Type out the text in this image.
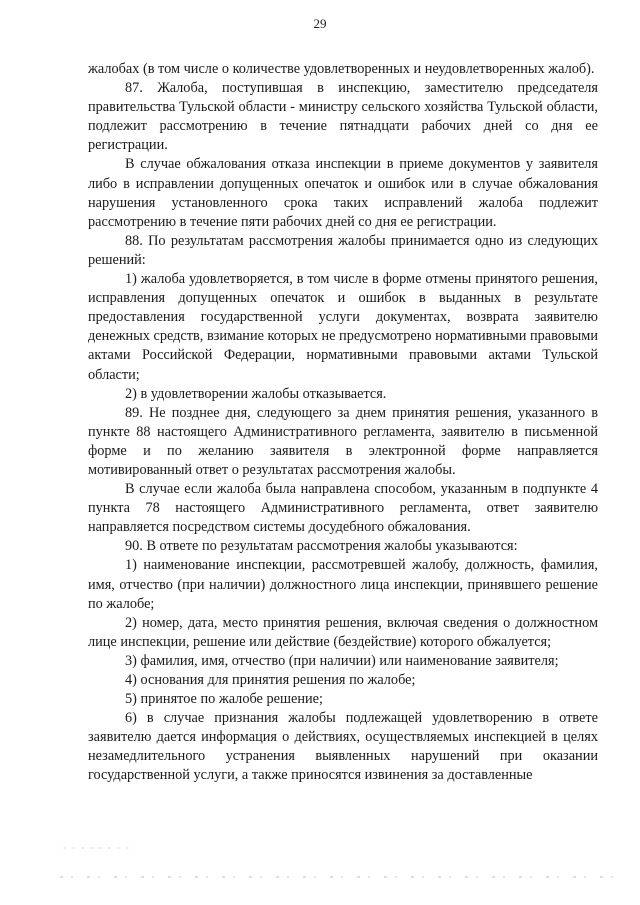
29

жалобах (в том числе о количестве удовлетворенных и неудовлетворенных жалоб).

87. Жалоба, поступившая в инспекцию, заместителю председателя правительства Тульской области - министру сельского хозяйства Тульской области, подлежит рассмотрению в течение пятнадцати рабочих дней со дня ее регистрации.

В случае обжалования отказа инспекции в приеме документов у заявителя либо в исправлении допущенных опечаток и ошибок или в случае обжалования нарушения установленного срока таких исправлений жалоба подлежит рассмотрению в течение пяти рабочих дней со дня ее регистрации.

88. По результатам рассмотрения жалобы принимается одно из следующих решений:

1) жалоба удовлетворяется, в том числе в форме отмены принятого решения, исправления допущенных опечаток и ошибок в выданных в результате предоставления государственной услуги документах, возврата заявителю денежных средств, взимание которых не предусмотрено нормативными правовыми актами Российской Федерации, нормативными правовыми актами Тульской области;

2) в удовлетворении жалобы отказывается.

89. Не позднее дня, следующего за днем принятия решения, указанного в пункте 88 настоящего Административного регламента, заявителю в письменной форме и по желанию заявителя в электронной форме направляется мотивированный ответ о результатах рассмотрения жалобы.

В случае если жалоба была направлена способом, указанным в подпункте 4 пункта 78 настоящего Административного регламента, ответ заявителю направляется посредством системы досудебного обжалования.

90. В ответе по результатам рассмотрения жалобы указываются:

1) наименование инспекции, рассмотревшей жалобу, должность, фамилия, имя, отчество (при наличии) должностного лица инспекции, принявшего решение по жалобе;

2) номер, дата, место принятия решения, включая сведения о должностном лице инспекции, решение или действие (бездействие) которого обжалуется;

3) фамилия, имя, отчество (при наличии) или наименование заявителя;

4) основания для принятия решения по жалобе;

5) принятое по жалобе решение;

6) в случае признания жалобы подлежащей удовлетворению в ответе заявителю дается информация о действиях, осуществляемых инспекцией в целях незамедлительного устранения выявленных нарушений при оказании государственной услуги, а также приносятся извинения за доставленные
